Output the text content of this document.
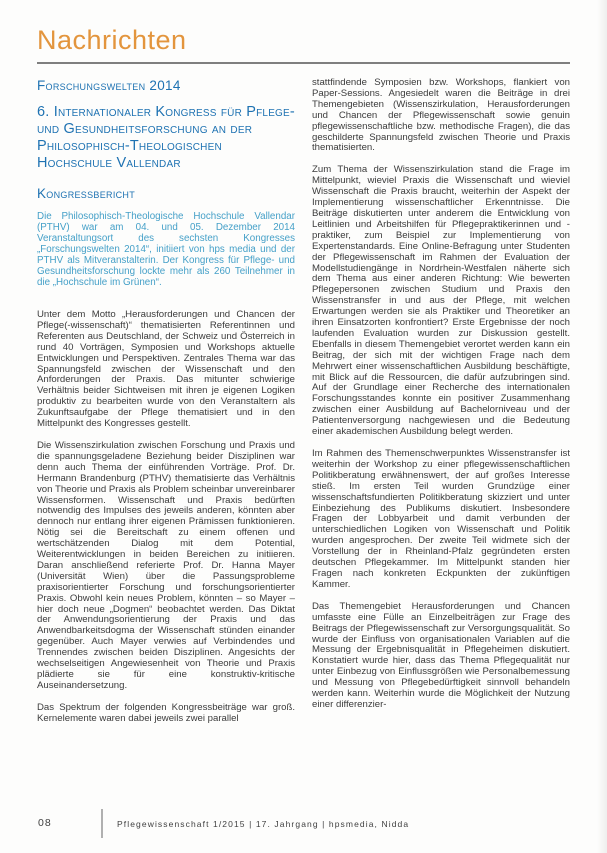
Nachrichten
Forschungswelten 2014
6. Internationaler Kongress für Pflege- und Gesundheitsforschung an der Philosophisch-Theologischen Hochschule Vallendar
Kongressbericht

Die Philosophisch-Theologische Hochschule Vallendar (PTHV) war am 04. und 05. Dezember 2014 Veranstaltungsort des sechsten Kongresses „Forschungswelten 2014“, initiiert von hps media und der PTHV als Mitveranstalterin. Der Kongress für Pflege- und Gesundheitsforschung lockte mehr als 260 Teilnehmer in die „Hochschule im Grünen“.

Unter dem Motto „Herausforderungen und Chancen der Pflege(-wissenschaft)“ thematisierten Referentinnen und Referenten aus Deutschland, der Schweiz und Österreich in rund 40 Vorträgen, Symposien und Workshops aktuelle Entwicklungen und Perspektiven. Zentrales Thema war das Spannungsfeld zwischen der Wissenschaft und den Anforderungen der Praxis. Das mitunter schwierige Verhältnis beider Sichtweisen mit ihren je eigenen Logiken produktiv zu bearbeiten wurde von den Veranstaltern als Zukunftsaufgabe der Pflege thematisiert und in den Mittelpunkt des Kongresses gestellt.

Die Wissenszirkulation zwischen Forschung und Praxis und die spannungsgeladene Beziehung beider Disziplinen war denn auch Thema der einführenden Vorträge. Prof. Dr. Hermann Brandenburg (PTHV) thematisierte das Verhältnis von Theorie und Praxis als Problem scheinbar unvereinbarer Wissensformen. Wissenschaft und Praxis bedürften notwendig des Impulses des jeweils anderen, könnten aber dennoch nur entlang ihrer eigenen Prämissen funktionieren. Nötig sei die Bereitschaft zu einem offenen und wertschätzenden Dialog mit dem Potential, Weiterentwicklungen in beiden Bereichen zu initiieren. Daran anschließend referierte Prof. Dr. Hanna Mayer (Universität Wien) über die Passungsprobleme praxisorientierter Forschung und forschungsorientierter Praxis. Obwohl kein neues Problem, könnten – so Mayer – hier doch neue „Dogmen“ beobachtet werden. Das Diktat der Anwendungsorientierung der Praxis und das Anwendbarkeitsdogma der Wissenschaft stünden einander gegenüber. Auch Mayer verwies auf Verbindendes und Trennendes zwischen beiden Disziplinen. Angesichts der wechselseitigen Angewiesenheit von Theorie und Praxis plädierte sie für eine konstruktiv-kritische Auseinandersetzung.

Das Spektrum der folgenden Kongressbeiträge war groß. Kernelemente waren dabei jeweils zwei parallel

stattfindende Symposien bzw. Workshops, flankiert von Paper-Sessions. Angesiedelt waren die Beiträge in drei Themengebieten (Wissenszirkulation, Herausforderungen und Chancen der Pflegewissenschaft sowie genuin pflegewissenschaftliche bzw. methodische Fragen), die das geschilderte Spannungsfeld zwischen Theorie und Praxis thematisierten.

Zum Thema der Wissenszirkulation stand die Frage im Mittelpunkt, wieviel Praxis die Wissenschaft und wieviel Wissenschaft die Praxis braucht, weiterhin der Aspekt der Implementierung wissenschaftlicher Erkenntnisse. Die Beiträge diskutierten unter anderem die Entwicklung von Leitlinien und Arbeitshilfen für Pflegepraktikerinnen und -praktiker, zum Beispiel zur Implementierung von Expertenstandards. Eine Online-Befragung unter Studenten der Pflegewissenschaft im Rahmen der Evaluation der Modellstudiengänge in Nordrhein-Westfalen näherte sich dem Thema aus einer anderen Richtung: Wie bewerten Pflegepersonen zwischen Studium und Praxis den Wissenstransfer in und aus der Pflege, mit welchen Erwartungen werden sie als Praktiker und Theoretiker an ihren Einsatzorten konfrontiert? Erste Ergebnisse der noch laufenden Evaluation wurden zur Diskussion gestellt. Ebenfalls in diesem Themengebiet verortet werden kann ein Beitrag, der sich mit der wichtigen Frage nach dem Mehrwert einer wissenschaftlichen Ausbildung beschäftigte, mit Blick auf die Ressourcen, die dafür aufzubringen sind. Auf der Grundlage einer Recherche des internationalen Forschungsstandes konnte ein positiver Zusammenhang zwischen einer Ausbildung auf Bachelorniveau und der Patientenversorgung nachgewiesen und die Bedeutung einer akademischen Ausbildung belegt werden.

Im Rahmen des Themenschwerpunktes Wissenstransfer ist weiterhin der Workshop zu einer pflegewissenschaftlichen Politikberatung erwähnenswert, der auf großes Interesse stieß. Im ersten Teil wurden Grundzüge einer wissenschaftsfundierten Politikberatung skizziert und unter Einbeziehung des Publikums diskutiert. Insbesondere Fragen der Lobbyarbeit und damit verbunden der unterschiedlichen Logiken von Wissenschaft und Politik wurden angesprochen. Der zweite Teil widmete sich der Vorstellung der in Rheinland-Pfalz gegründeten ersten deutschen Pflegekammer. Im Mittelpunkt standen hier Fragen nach konkreten Eckpunkten der zukünftigen Kammer.

Das Themengebiet Herausforderungen und Chancen umfasste eine Fülle an Einzelbeiträgen zur Frage des Beitrags der Pflegewissenschaft zur Versorgungsqualität. So wurde der Einfluss von organisationalen Variablen auf die Messung der Ergebnisqualität in Pflegeheimen diskutiert. Konstatiert wurde hier, dass das Thema Pflegequalität nur unter Einbezug von Einflussgrößen wie Personalbemessung und Messung von Pflegebedürftigkeit sinnvoll behandeln werden kann. Weiterhin wurde die Möglichkeit der Nutzung einer differenzier-

08	Pflegewissenschaft 1/2015 | 17. Jahrgang | hpsmedia, Nidda
